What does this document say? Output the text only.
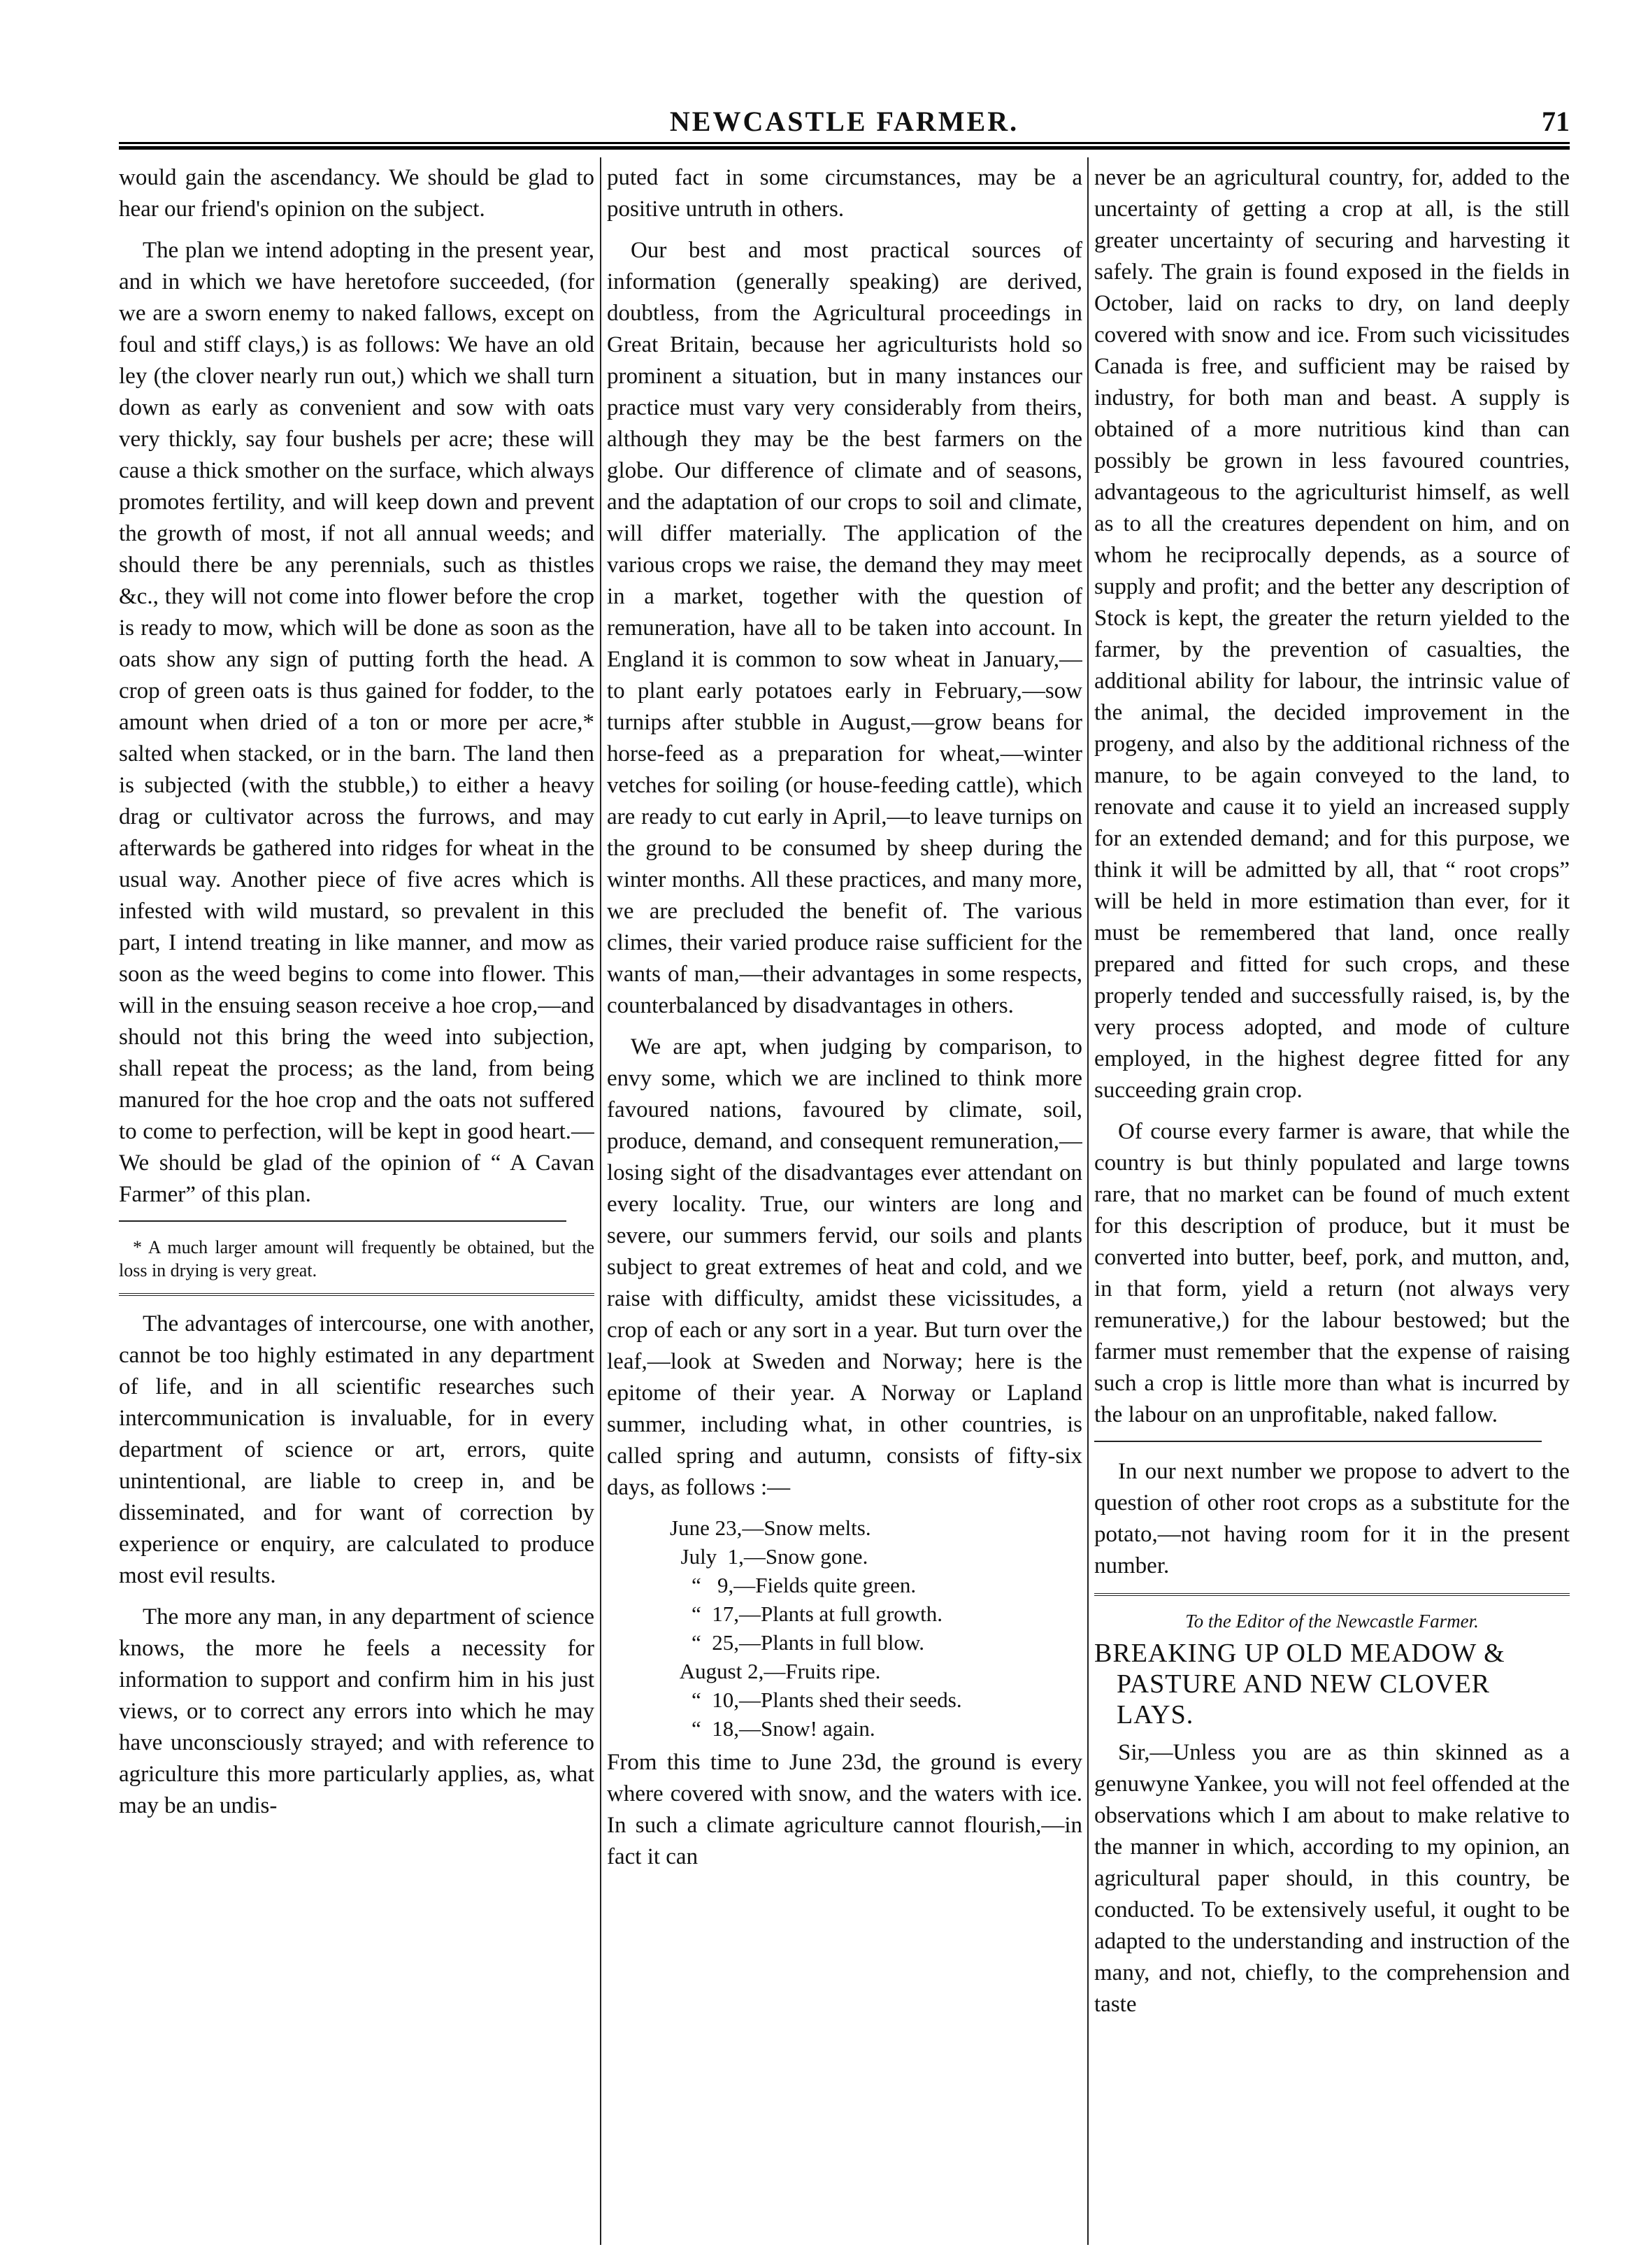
NEWCASTLE FARMER.	71

would gain the ascendancy. We should be glad to hear our friend's opinion on the subject.

The plan we intend adopting in the present year, and in which we have heretofore succeeded, (for we are a sworn enemy to naked fallows, except on foul and stiff clays,) is as follows: We have an old ley (the clover nearly run out,) which we shall turn down as early as convenient and sow with oats very thickly, say four bushels per acre; these will cause a thick smother on the surface, which always promotes fertility, and will keep down and prevent the growth of most, if not all annual weeds; and should there be any perennials, such as thistles &c., they will not come into flower before the crop is ready to mow, which will be done as soon as the oats show any sign of putting forth the head. A crop of green oats is thus gained for fodder, to the amount when dried of a ton or more per acre,* salted when stacked, or in the barn. The land then is subjected (with the stubble,) to either a heavy drag or cultivator across the furrows, and may afterwards be gathered into ridges for wheat in the usual way. Another piece of five acres which is infested with wild mustard, so prevalent in this part, I intend treating in like manner, and mow as soon as the weed begins to come into flower. This will in the ensuing season receive a hoe crop,—and should not this bring the weed into subjection, shall repeat the process; as the land, from being manured for the hoe crop and the oats not suffered to come to perfection, will be kept in good heart.—We should be glad of the opinion of “ A Cavan Farmer” of this plan.

* A much larger amount will frequently be obtained, but the loss in drying is very great.

The advantages of intercourse, one with another, cannot be too highly estimated in any department of life, and in all scientific researches such intercommunication is invaluable, for in every department of science or art, errors, quite unintentional, are liable to creep in, and be disseminated, and for want of correction by experience or enquiry, are calculated to produce most evil results.

The more any man, in any department of science knows, the more he feels a necessity for information to support and confirm him in his just views, or to correct any errors into which he may have unconsciously strayed; and with reference to agriculture this more particularly applies, as, what may be an undis-

puted fact in some circumstances, may be a positive untruth in others.

Our best and most practical sources of information (generally speaking) are derived, doubtless, from the Agricultural proceedings in Great Britain, because her agriculturists hold so prominent a situation, but in many instances our practice must vary very considerably from theirs, although they may be the best farmers on the globe. Our difference of climate and of seasons, and the adaptation of our crops to soil and climate, will differ materially. The application of the various crops we raise, the demand they may meet in a market, together with the question of remuneration, have all to be taken into account. In England it is common to sow wheat in January,—to plant early potatoes early in February,—sow turnips after stubble in August,—grow beans for horse-feed as a preparation for wheat,—winter vetches for soiling (or house-feeding cattle), which are ready to cut early in April,—to leave turnips on the ground to be consumed by sheep during the winter months. All these practices, and many more, we are precluded the benefit of. The various climes, their varied produce raise sufficient for the wants of man,—their advantages in some respects, counterbalanced by disadvantages in others.

We are apt, when judging by comparison, to envy some, which we are inclined to think more favoured nations, favoured by climate, soil, produce, demand, and consequent remuneration,—losing sight of the disadvantages ever attendant on every locality. True, our winters are long and severe, our summers fervid, our soils and plants subject to great extremes of heat and cold, and we raise with difficulty, amidst these vicissitudes, a crop of each or any sort in a year. But turn over the leaf,—look at Sweden and Norway; here is the epitome of their year. A Norway or Lapland summer, including what, in other countries, is called spring and autumn, consists of fifty-six days, as follows :—

June 23,—Snow melts.
July  1,—Snow gone.
“   9,—Fields quite green.
“  17,—Plants at full growth.
“  25,—Plants in full blow.
August 2,—Fruits ripe.
“  10,—Plants shed their seeds.
“  18,—Snow! again.

From this time to June 23d, the ground is every where covered with snow, and the waters with ice. In such a climate agriculture cannot flourish,—in fact it can

never be an agricultural country, for, added to the uncertainty of getting a crop at all, is the still greater uncertainty of securing and harvesting it safely. The grain is found exposed in the fields in October, laid on racks to dry, on land deeply covered with snow and ice. From such vicissitudes Canada is free, and sufficient may be raised by industry, for both man and beast. A supply is obtained of a more nutritious kind than can possibly be grown in less favoured countries, advantageous to the agriculturist himself, as well as to all the creatures dependent on him, and on whom he reciprocally depends, as a source of supply and profit; and the better any description of Stock is kept, the greater the return yielded to the farmer, by the prevention of casualties, the additional ability for labour, the intrinsic value of the animal, the decided improvement in the progeny, and also by the additional richness of the manure, to be again conveyed to the land, to renovate and cause it to yield an increased supply for an extended demand; and for this purpose, we think it will be admitted by all, that “ root crops” will be held in more estimation than ever, for it must be remembered that land, once really prepared and fitted for such crops, and these properly tended and successfully raised, is, by the very process adopted, and mode of culture employed, in the highest degree fitted for any succeeding grain crop.

Of course every farmer is aware, that while the country is but thinly populated and large towns rare, that no market can be found of much extent for this description of produce, but it must be converted into butter, beef, pork, and mutton, and, in that form, yield a return (not always very remunerative,) for the labour bestowed; but the farmer must remember that the expense of raising such a crop is little more than what is incurred by the labour on an unprofitable, naked fallow.

In our next number we propose to advert to the question of other root crops as a substitute for the potato,—not having room for it in the present number.

To the Editor of the Newcastle Farmer.
BREAKING UP OLD MEADOW &
PASTURE AND NEW CLOVER
LAYS.

Sir,—Unless you are as thin skinned as a genuwyne Yankee, you will not feel offended at the observations which I am about to make relative to the manner in which, according to my opinion, an agricultural paper should, in this country, be conducted. To be extensively useful, it ought to be adapted to the understanding and instruction of the many, and not, chiefly, to the comprehension and taste
